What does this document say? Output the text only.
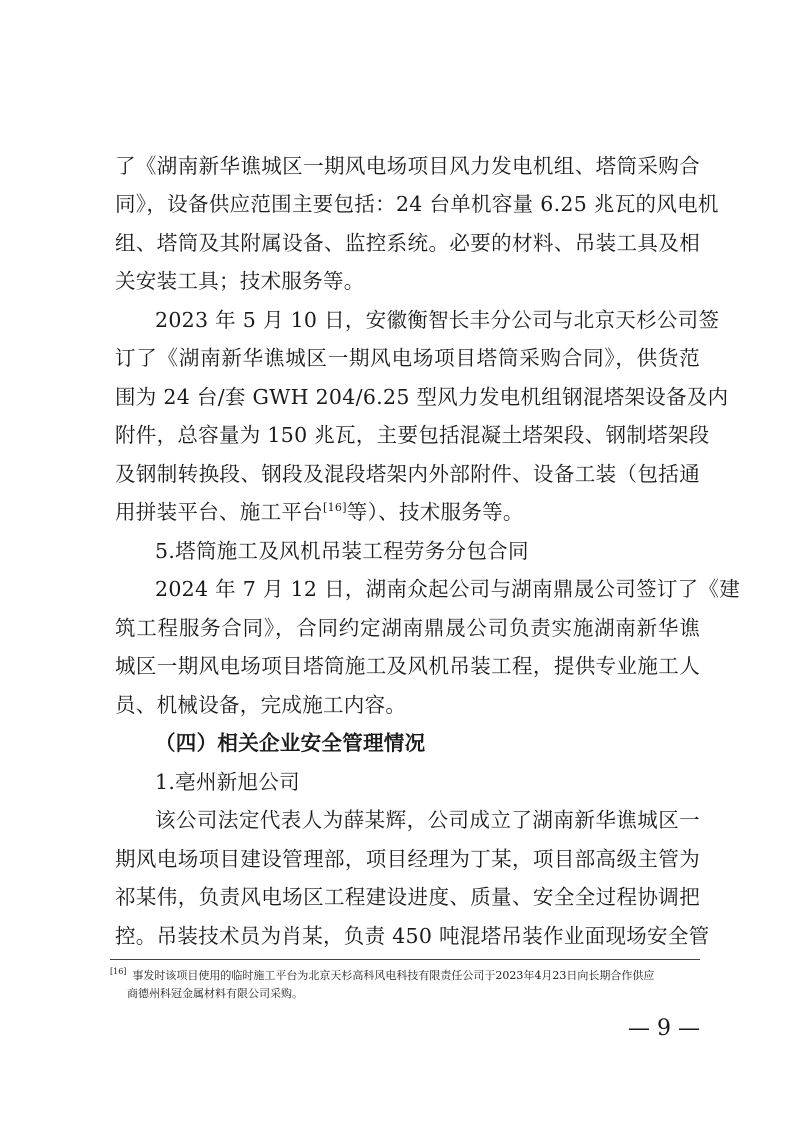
了《湖南新华谯城区一期风电场项目风力发电机组、塔筒采购合
同》，设备供应范围主要包括：24 台单机容量 6.25 兆瓦的风电机
组、塔筒及其附属设备、监控系统。必要的材料、吊装工具及相
关安装工具；技术服务等。
2023 年 5 月 10 日，安徽衡智长丰分公司与北京天杉公司签
订了《湖南新华谯城区一期风电场项目塔筒采购合同》，供货范
围为 24 台/套 GWH 204/6.25 型风力发电机组钢混塔架设备及内
附件，总容量为 150 兆瓦，主要包括混凝土塔架段、钢制塔架段
及钢制转换段、钢段及混段塔架内外部附件、设备工装（包括通
用拼装平台、施工平台[16]等）、技术服务等。
5.塔筒施工及风机吊装工程劳务分包合同
2024 年 7 月 12 日，湖南众起公司与湖南鼎晟公司签订了《建
筑工程服务合同》，合同约定湖南鼎晟公司负责实施湖南新华谯
城区一期风电场项目塔筒施工及风机吊装工程，提供专业施工人
员、机械设备，完成施工内容。
（四）相关企业安全管理情况
1.亳州新旭公司
该公司法定代表人为薛某辉，公司成立了湖南新华谯城区一
期风电场项目建设管理部，项目经理为丁某，项目部高级主管为
祁某伟，负责风电场区工程建设进度、质量、安全全过程协调把
控。吊装技术员为肖某，负责 450 吨混塔吊装作业面现场安全管
[16] 事发时该项目使用的临时施工平台为北京天杉高科风电科技有限责任公司于2023年4月23日向长期合作供应
商德州科冠金属材料有限公司采购。
— 9 —
